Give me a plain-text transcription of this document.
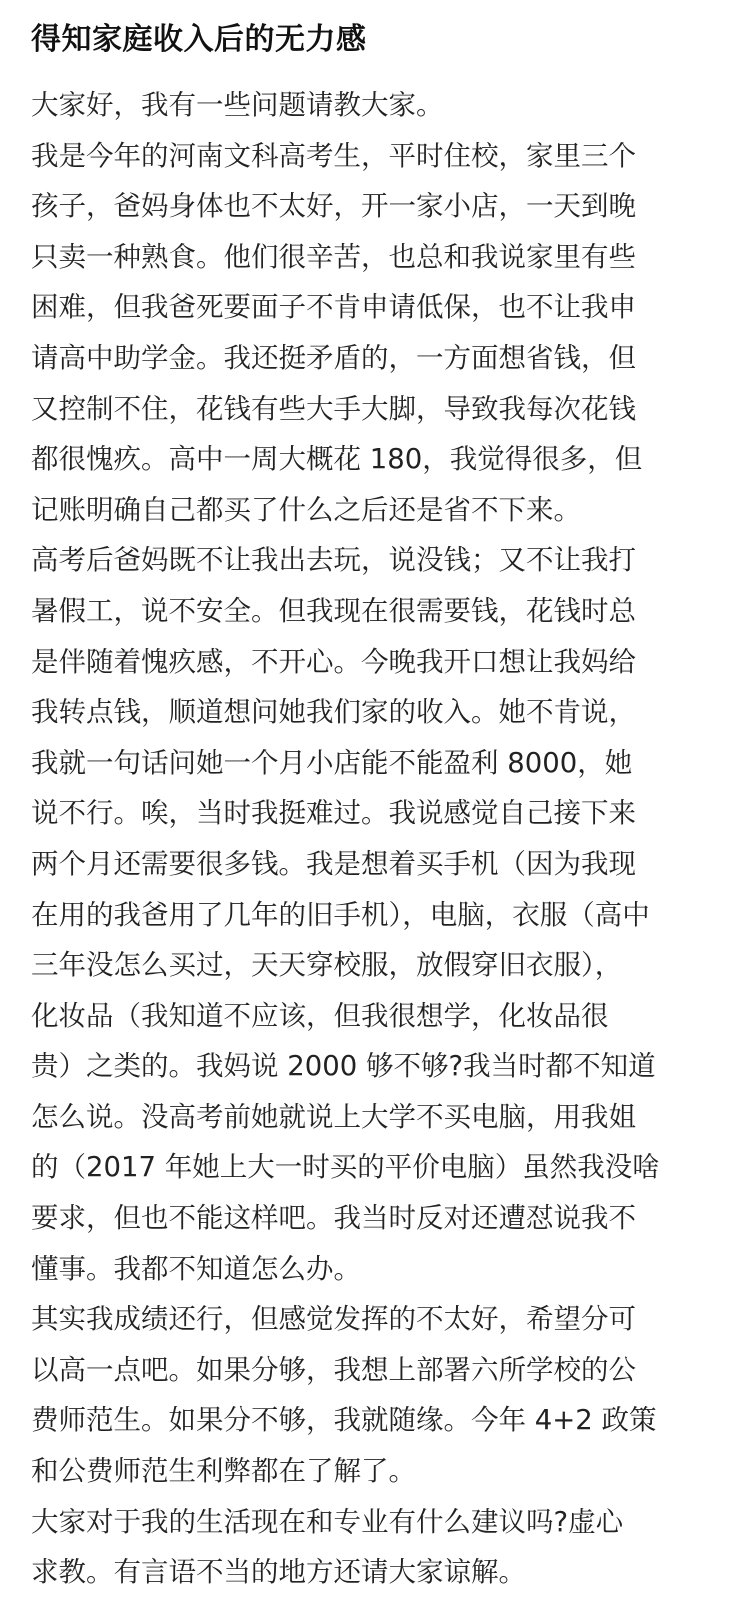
得知家庭收入后的无力感
大家好，我有一些问题请教大家。
我是今年的河南文科高考生，平时住校，家里三个
孩子，爸妈身体也不太好，开一家小店，一天到晚
只卖一种熟食。他们很辛苦，也总和我说家里有些
困难，但我爸死要面子不肯申请低保，也不让我申
请高中助学金。我还挺矛盾的，一方面想省钱，但
又控制不住，花钱有些大手大脚，导致我每次花钱
都很愧疚。高中一周大概花 180，我觉得很多，但
记账明确自己都买了什么之后还是省不下来。
高考后爸妈既不让我出去玩，说没钱；又不让我打
暑假工，说不安全。但我现在很需要钱，花钱时总
是伴随着愧疚感，不开心。今晚我开口想让我妈给
我转点钱，顺道想问她我们家的收入。她不肯说，
我就一句话问她一个月小店能不能盈利 8000，她
说不行。唉，当时我挺难过。我说感觉自己接下来
两个月还需要很多钱。我是想着买手机（因为我现
在用的我爸用了几年的旧手机），电脑，衣服（高中
三年没怎么买过，天天穿校服，放假穿旧衣服），
化妆品（我知道不应该，但我很想学，化妆品很
贵）之类的。我妈说 2000 够不够?我当时都不知道
怎么说。没高考前她就说上大学不买电脑，用我姐
的（2017 年她上大一时买的平价电脑）虽然我没啥
要求，但也不能这样吧。我当时反对还遭怼说我不
懂事。我都不知道怎么办。
其实我成绩还行，但感觉发挥的不太好，希望分可
以高一点吧。如果分够，我想上部署六所学校的公
费师范生。如果分不够，我就随缘。今年 4+2 政策
和公费师范生利弊都在了解了。
大家对于我的生活现在和专业有什么建议吗?虚心
求教。有言语不当的地方还请大家谅解。
